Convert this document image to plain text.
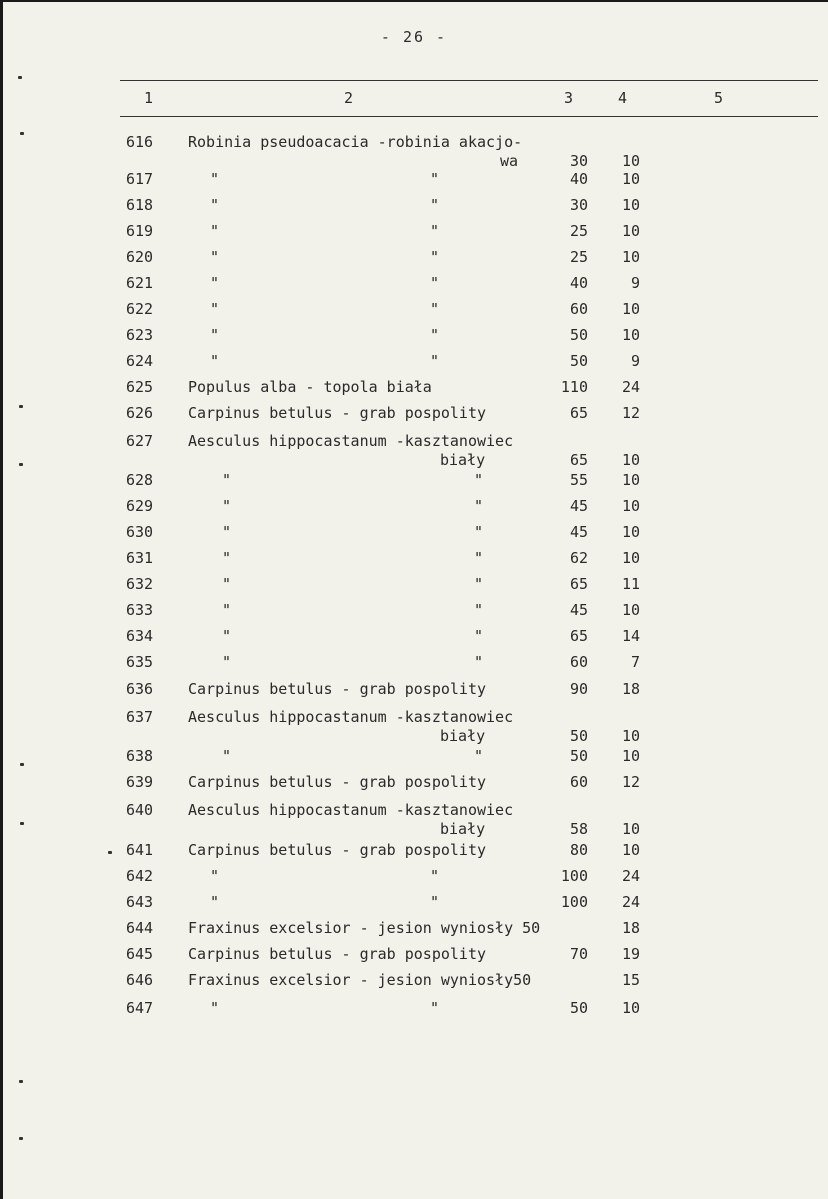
- 26 -
1	2	3	4	5
616 Robinia pseudoacacia -robinia akacjo-
wa	30	10
617	"	"	40	10
618	"	"	30	10
619	"	"	25	10
620	"	"	25	10
621	"	"	40	9
622	"	"	60	10
623	"	"	50	10
624	"	"	50	9
625 Populus alba - topola biała	110	24
626 Carpinus betulus - grab pospolity	65	12
627 Aesculus hippocastanum -kasztanowiec
biały	65	10
628	"	"	55	10
629	"	"	45	10
630	"	"	45	10
631	"	"	62	10
632	"	"	65	11
633	"	"	45	10
634	"	"	65	14
635	"	"	60	7
636 Carpinus betulus - grab pospolity	90	18
637 Aesculus hippocastanum -kasztanowiec
biały	50	10
638	"	"	50	10
639 Carpinus betulus - grab pospolity	60	12
640 Aesculus hippocastanum -kasztanowiec
biały	58	10
641 Carpinus betulus - grab pospolity	80	10
642	"	"	100	24
643	"	"	100	24
644 Fraxinus excelsior - jesion wyniosły 50	18
645 Carpinus betulus - grab pospolity	70	19
646 Fraxinus excelsior - jesion wyniosły50	15
647	"	"	50	10
